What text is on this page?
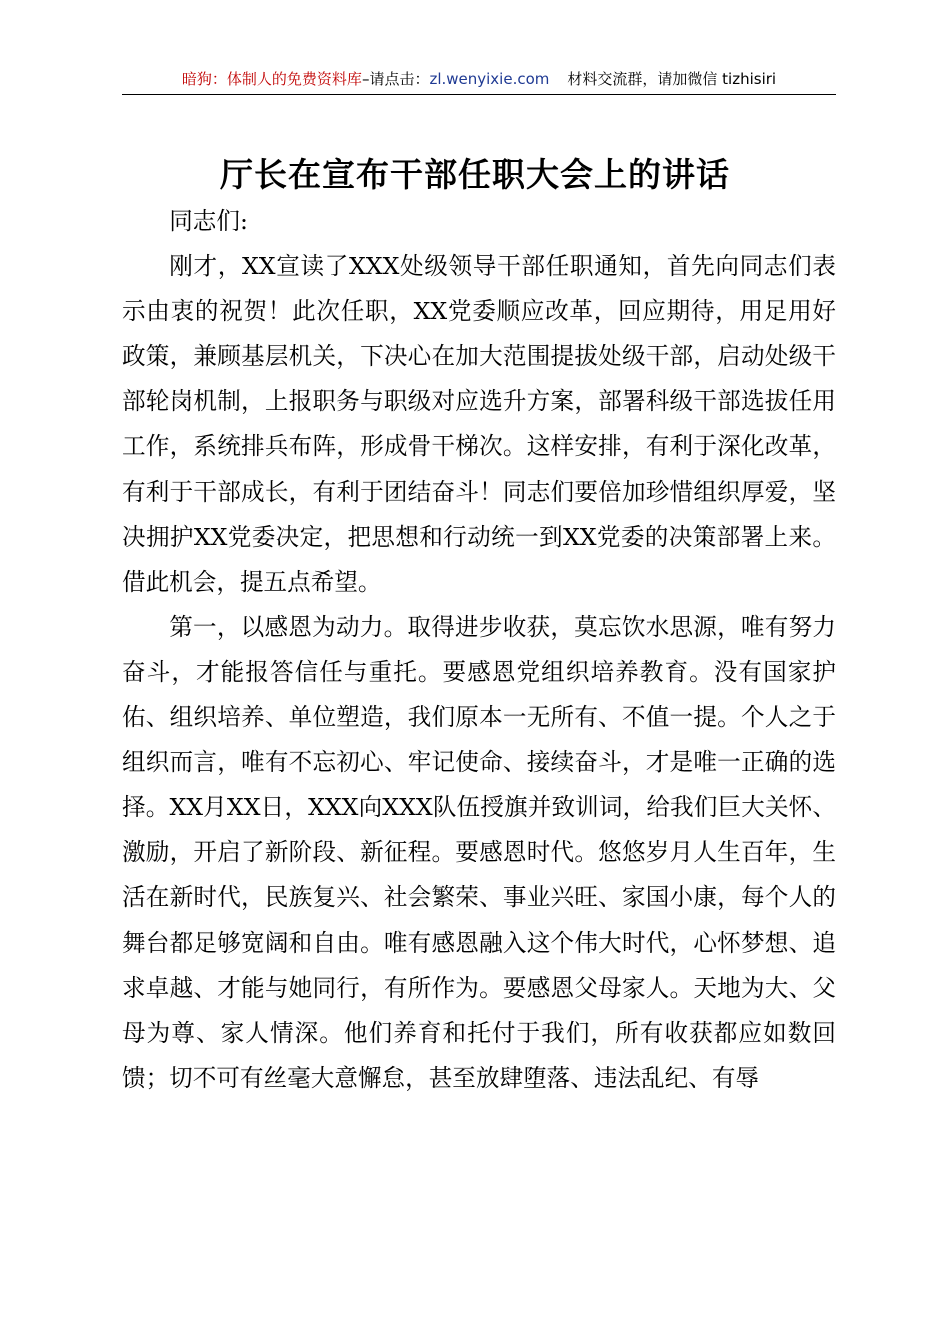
暗狗：体制人的免费资料库–请点击：zl.wenyixie.com 材料交流群，请加微信 tizhisiri
厅长在宣布干部任职大会上的讲话

同志们:

刚才，XX宣读了XXX处级领导干部任职通知，首先向同志们表示由衷的祝贺！此次任职，XX党委顺应改革，回应期待，用足用好政策，兼顾基层机关，下决心在加大范围提拔处级干部，启动处级干部轮岗机制，上报职务与职级对应选升方案，部署科级干部选拔任用工作，系统排兵布阵，形成骨干梯次。这样安排，有利于深化改革，有利于干部成长，有利于团结奋斗！同志们要倍加珍惜组织厚爱，坚决拥护XX党委决定，把思想和行动统一到XX党委的决策部署上来。借此机会，提五点希望。

第一，以感恩为动力。取得进步收获，莫忘饮水思源，唯有努力奋斗，才能报答信任与重托。要感恩党组织培养教育。没有国家护佑、组织培养、单位塑造，我们原本一无所有、不值一提。个人之于组织而言，唯有不忘初心、牢记使命、接续奋斗，才是唯一正确的选择。XX月XX日，XXX向XXX队伍授旗并致训词，给我们巨大关怀、激励，开启了新阶段、新征程。要感恩时代。悠悠岁月人生百年，生活在新时代，民族复兴、社会繁荣、事业兴旺、家国小康，每个人的舞台都足够宽阔和自由。唯有感恩融入这个伟大时代，心怀梦想、追求卓越、才能与她同行，有所作为。要感恩父母家人。天地为大、父母为尊、家人情深。他们养育和托付于我们，所有收获都应如数回馈；切不可有丝毫大意懈怠，甚至放肆堕落、违法乱纪、有辱
